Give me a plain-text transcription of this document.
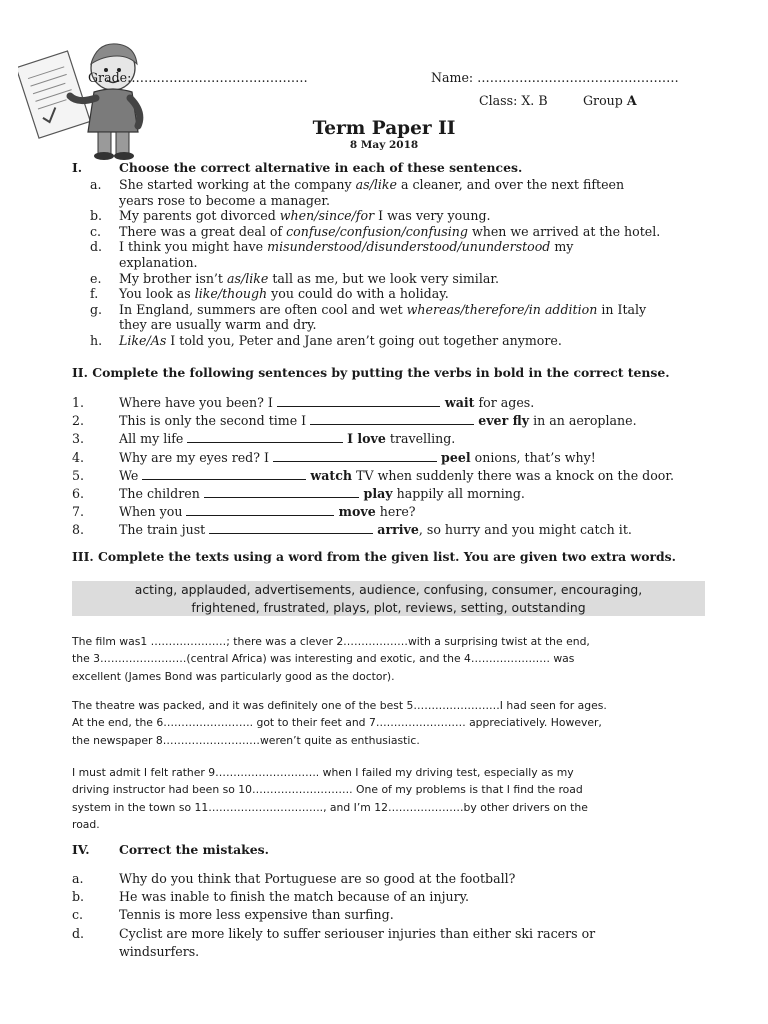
Grade:……………………………………	Name: …………………………………………
Class: X. B	Group A
Term Paper II
8 May 2018
I.	Choose the correct alternative in each of these sentences.
a.	She started working at the company as/like a cleaner, and over the next fifteen
years rose to become a manager.
b.	My parents got divorced when/since/for I was very young.
c.	There was a great deal of confuse/confusion/confusing when we arrived at the hotel.
d.	I think you might have misunderstood/disunderstood/ununderstood my
explanation.
e.	My brother isn’t as/like tall as me, but we look very similar.
f.	You look as like/though you could do with a holiday.
g.	In England, summers are often cool and wet whereas/therefore/in addition in Italy
they are usually warm and dry.
h.	Like/As I told you, Peter and Jane aren’t going out together anymore.
II. Complete the following sentences by putting the verbs in bold in the correct tense.
1.	Where have you been? I	wait for ages.
2.	This is only the second time I	ever fly in an aeroplane.
3.	All my life	I love travelling.
4.	Why are my eyes red? I	peel onions, that’s why!
5.	We	watch TV when suddenly there was a knock on the door.
6.	The children	play happily all morning.
7.	When you	move here?
8.	The train just	arrive, so hurry and you might catch it.
III. Complete the texts using a word from the given list. You are given two extra words.
acting, applauded, advertisements, audience, confusing, consumer, encouraging,
frightened, frustrated, plays, plot, reviews, setting, outstanding
The film was1 …………………; there was a clever 2………………with a surprising twist at the end,
the 3……………………(central Africa) was interesting and exotic, and the 4…………………. was
excellent (James Bond was particularly good as the doctor).
The theatre was packed, and it was definitely one of the best 5……………………I had seen for ages.
At the end, the 6……………………. got to their feet and 7……………………. appreciatively. However,
the newspaper 8………………………weren’t quite as enthusiastic.
I must admit I felt rather 9……………………….. when I failed my driving test, especially as my
driving instructor had been so 10………………………. One of my problems is that I find the road
system in the town so 11………………………….., and I’m 12…………………by other drivers on the
road.
IV. Correct the mistakes.
a.	Why do you think that Portuguese are so good at the football?
b.	He was inable to finish the match because of an injury.
c.	Tennis is more less expensive than surfing.
d.	Cyclist are more likely to suffer seriouser injuries than either ski racers or
windsurfers.
